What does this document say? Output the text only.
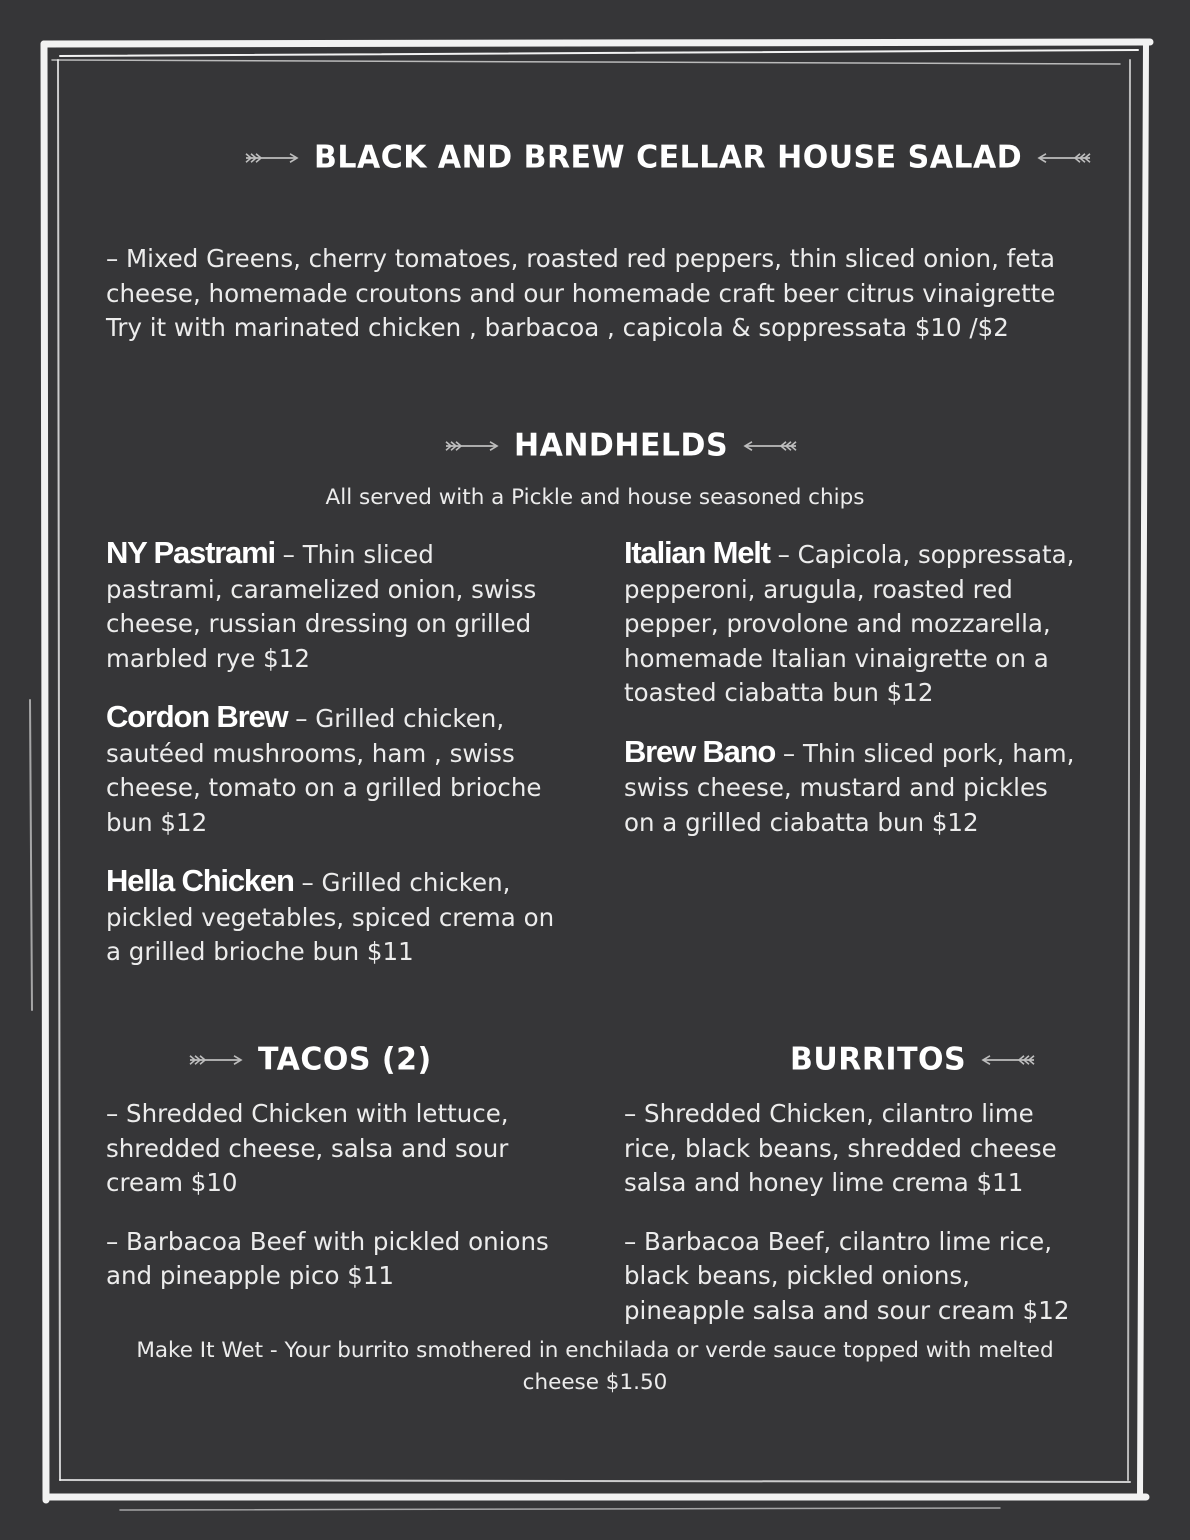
BLACK AND BREW CELLAR HOUSE SALAD
– Mixed Greens, cherry tomatoes, roasted red peppers, thin sliced onion, feta
cheese, homemade croutons and our homemade craft beer citrus vinaigrette
Try it with marinated chicken , barbacoa , capicola & soppressata $10 /$2
HANDHELDS
All served with a Pickle and house seasoned chips
NY Pastrami – Thin sliced pastrami, caramelized onion, swiss cheese, russian dressing on grilled marbled rye $12
Cordon Brew – Grilled chicken, sautéed mushrooms, ham , swiss cheese, tomato on a grilled brioche bun $12
Hella Chicken – Grilled chicken, pickled vegetables, spiced crema on a grilled brioche bun $11
Italian Melt – Capicola, soppressata, pepperoni, arugula, roasted red pepper, provolone and mozzarella, homemade Italian vinaigrette on a toasted ciabatta bun $12
Brew Bano – Thin sliced pork, ham, swiss cheese, mustard and pickles on a grilled ciabatta bun $12
TACOS (2)	BURRITOS
– Shredded Chicken with lettuce, shredded cheese, salsa and sour cream $10
– Barbacoa Beef with pickled onions and pineapple pico $11
– Shredded Chicken, cilantro lime rice, black beans, shredded cheese salsa and honey lime crema $11
– Barbacoa Beef, cilantro lime rice, black beans, pickled onions, pineapple salsa and sour cream $12
Make It Wet - Your burrito smothered in enchilada or verde sauce topped with melted cheese $1.50
